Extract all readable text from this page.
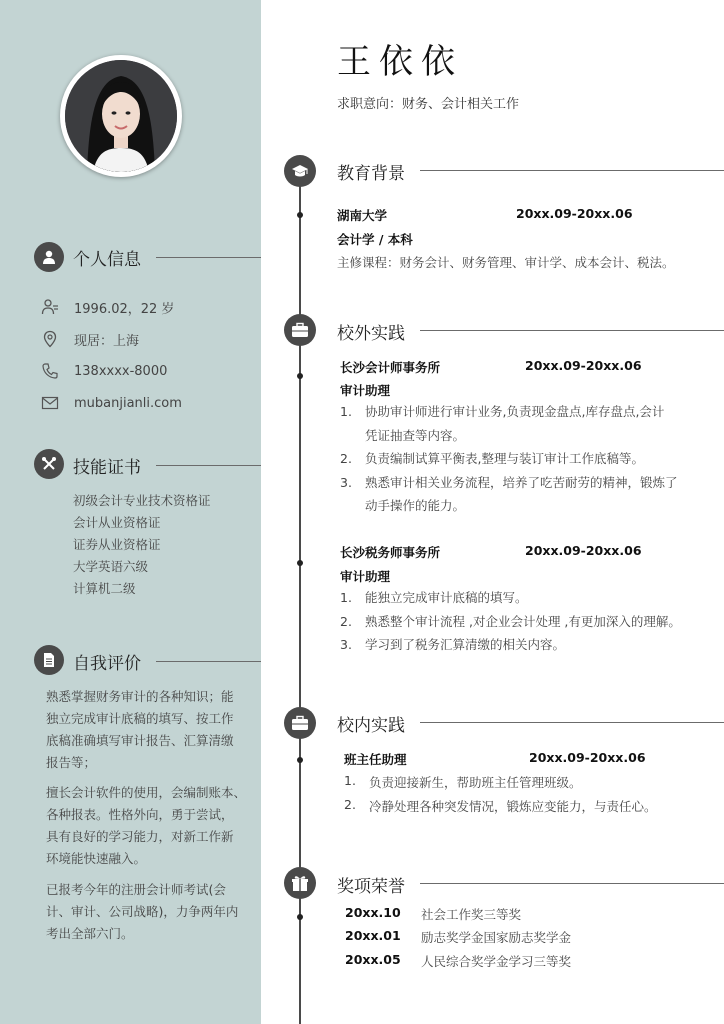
个人信息
1996.02，22 岁
现居：上海
138xxxx-8000
mubanjianli.com
技能证书
初级会计专业技术资格证
会计从业资格证
证券从业资格证
大学英语六级
计算机二级
自我评价

熟悉掌握财务审计的各种知识；能

独立完成审计底稿的填写、按工作

底稿准确填写审计报告、汇算清缴

报告等；

擅长会计软件的使用，会编制账本、

各种报表。性格外向，勇于尝试，

具有良好的学习能力，对新工作新

环境能快速融入。

已报考今年的注册会计师考试(会

计、审计、公司战略)，力争两年内

考出全部六门。

王依依
求职意向：财务、会计相关工作
教育背景
湖南大学	20xx.09-20xx.06
会计学 / 本科
主修课程：财务会计、财务管理、审计学、成本会计、税法。
校外实践
长沙会计师事务所	20xx.09-20xx.06
审计助理
1. 协助审计师进行审计业务,负责现金盘点,库存盘点,会计
凭证抽查等内容。
2. 负责编制试算平衡表,整理与装订审计工作底稿等。
3. 熟悉审计相关业务流程，培养了吃苦耐劳的精神，锻炼了
动手操作的能力。
长沙税务师事务所	20xx.09-20xx.06
审计助理
1. 能独立完成审计底稿的填写。
2. 熟悉整个审计流程 ,对企业会计处理 ,有更加深入的理解。
3. 学习到了税务汇算清缴的相关内容。
校内实践
班主任助理	20xx.09-20xx.06
1. 负责迎接新生，帮助班主任管理班级。
2. 冷静处理各种突发情况，锻炼应变能力，与责任心。
奖项荣誉
20xx.10 社会工作奖三等奖
20xx.01 励志奖学金国家励志奖学金
20xx.05 人民综合奖学金学习三等奖
